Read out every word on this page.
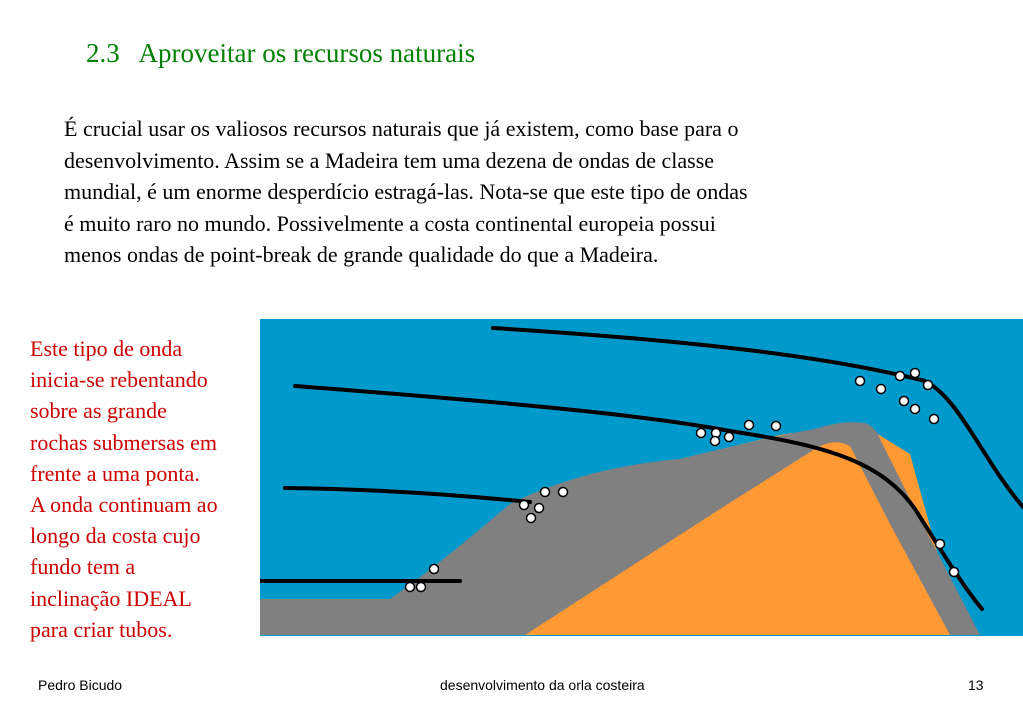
2.3   Aproveitar os recursos naturais
É crucial usar os valiosos recursos naturais que já existem, como base para o
desenvolvimento. Assim se a Madeira tem uma dezena de ondas de classe
mundial, é um enorme desperdício estragá-las. Nota-se que este tipo de ondas
é muito raro no mundo. Possivelmente a costa continental europeia possui
menos ondas de point-break de grande qualidade do que a Madeira.
Este tipo de onda
inicia-se rebentando
sobre as grande
rochas submersas em
frente a uma ponta.
A onda continuam ao
longo da costa cujo
fundo tem a
inclinação IDEAL
para criar tubos.
Pedro Bicudo	desenvolvimento da orla costeira	13
